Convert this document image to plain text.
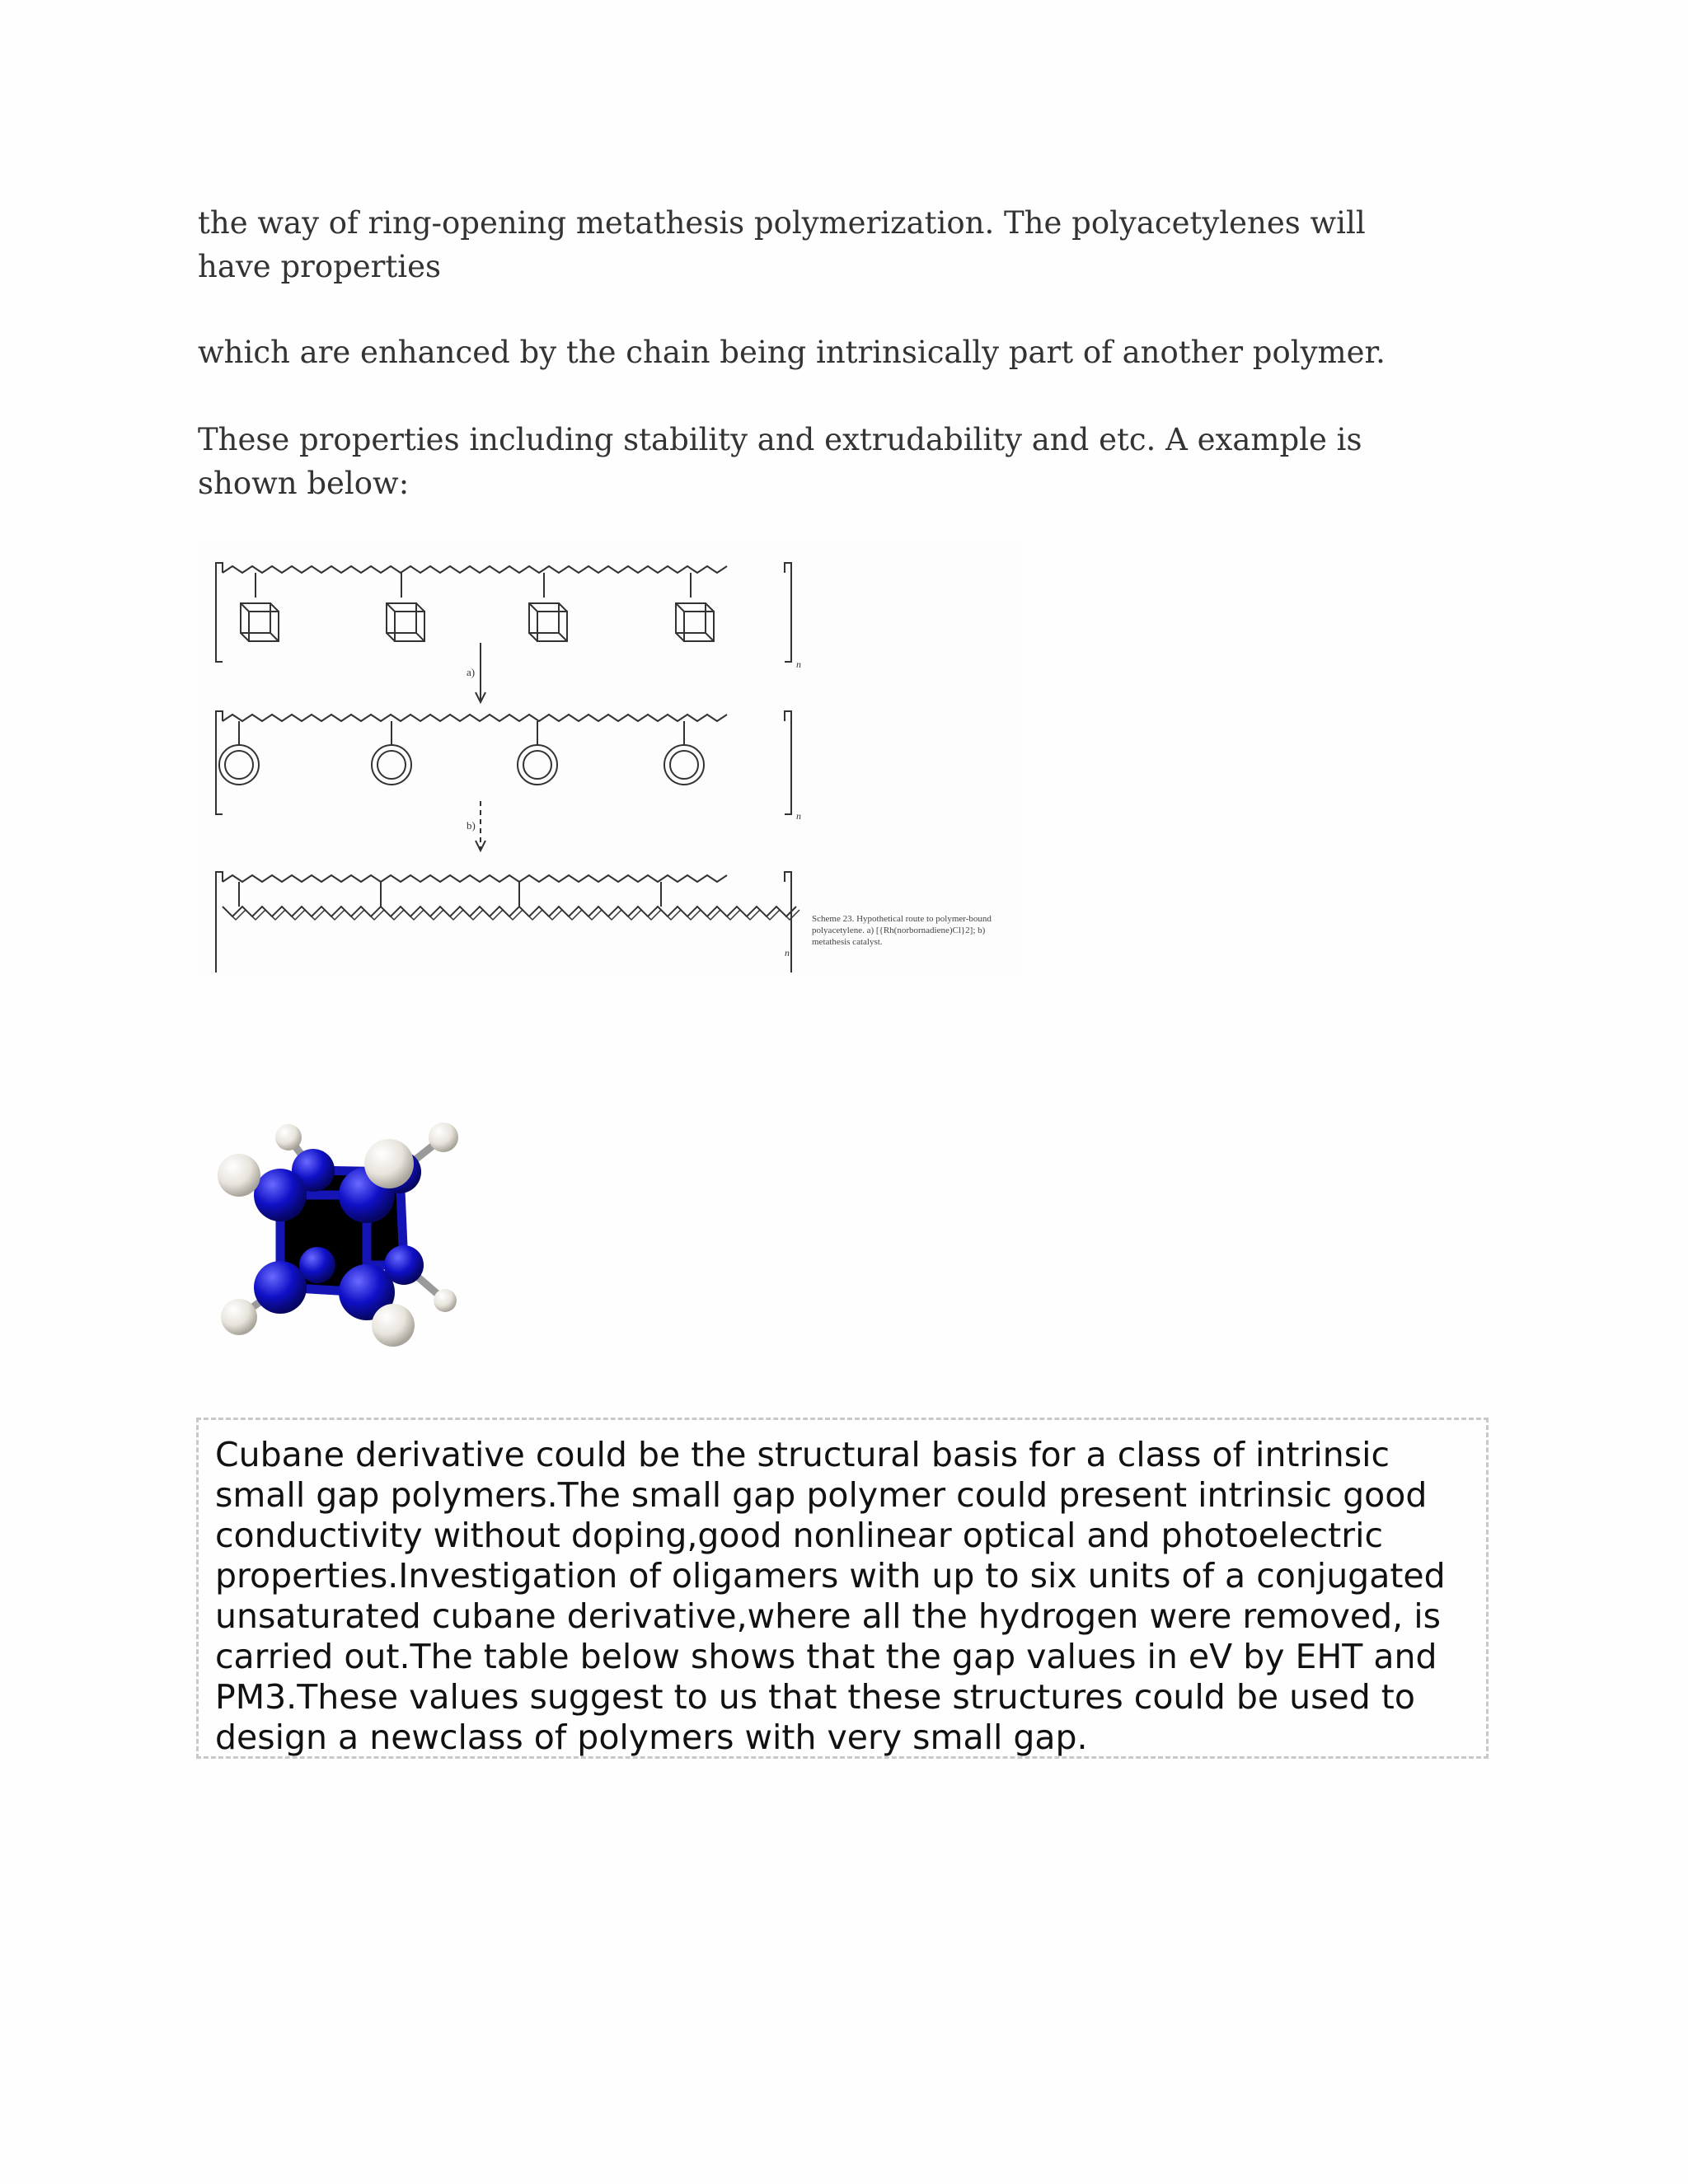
the way of ring-opening metathesis polymerization. The polyacetylenes will have properties

which are enhanced by the chain being intrinsically part of another polymer.

These properties including stability and extrudability and etc. A example is shown below:

a)
b)
n
n
n
Scheme 23. Hypothetical route to polymer-bound polyacetylene. a) [{Rh(norbornadiene)Cl}2]; b) metathesis catalyst.

Cubane derivative could be the structural basis for a class of intrinsic small gap polymers.The small gap polymer could present intrinsic good conductivity without doping,good nonlinear optical and photoelectric properties.Investigation of oligamers with up to six units of a conjugated unsaturated cubane derivative,where all the hydrogen were removed, is carried out.The table below shows that the gap values in eV by EHT and PM3.These values suggest to us that these structures could be used to design a newclass of polymers with very small gap.
